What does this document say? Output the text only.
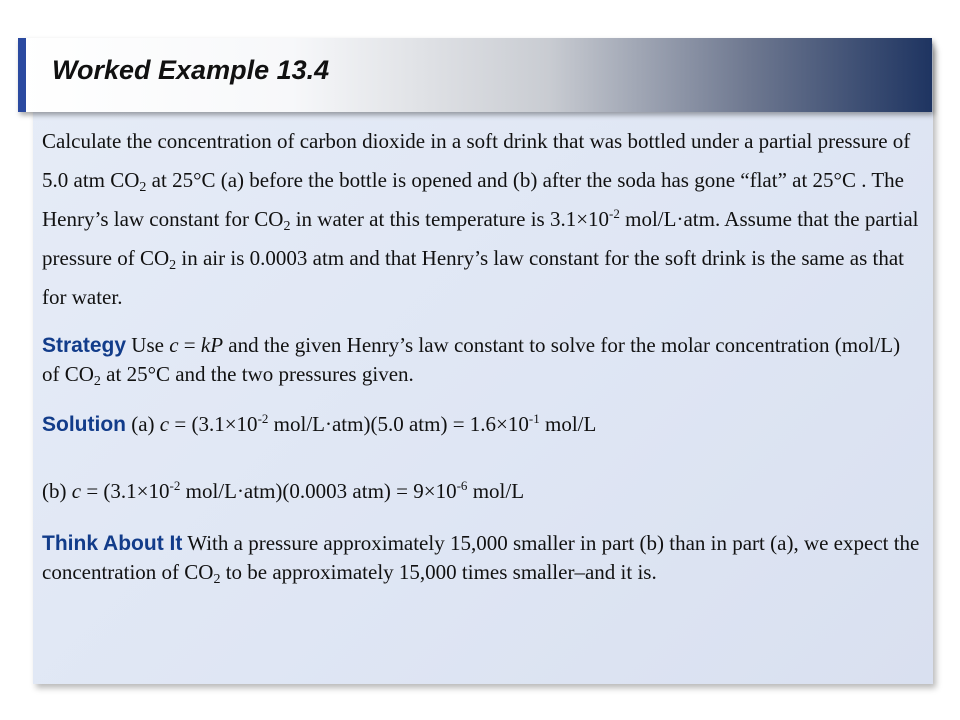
Worked Example 13.4

Calculate the concentration of carbon dioxide in a soft drink that was bottled under a partial pressure of 5.0 atm $CO_2$ at 25°C (a) before the bottle is opened and (b) after the soda has gone “flat” at 25°C . The Henry’s law constant for $CO_2$ in water at this temperature is $3.1\times 10^{-2}$ mol/L·atm. Assume that the partial pressure of $CO_2$ in air is 0.0003 atm and that Henry’s law constant for the soft drink is the same as that for water.

Strategy Use c = kP and the given Henry’s law constant to solve for the molar concentration (mol/L) of $CO_2$ at 25°C and the two pressures given.

Solution (a) $c = (3.1\times 10^{-2}$ mol/L·atm)(5.0 $atm) = 1.6\times 10^{-1}$ mol/L

(b) $c = (3.1\times 10^{-2}$ mol/L·atm)(0.0003 $atm) = 9\times 10^{-6}$ mol/L

Think About It With a pressure approximately 15,000 smaller in part (b) than in part (a), we expect the concentration of $CO_2$ to be approximately 15,000 times smaller–and it is.
